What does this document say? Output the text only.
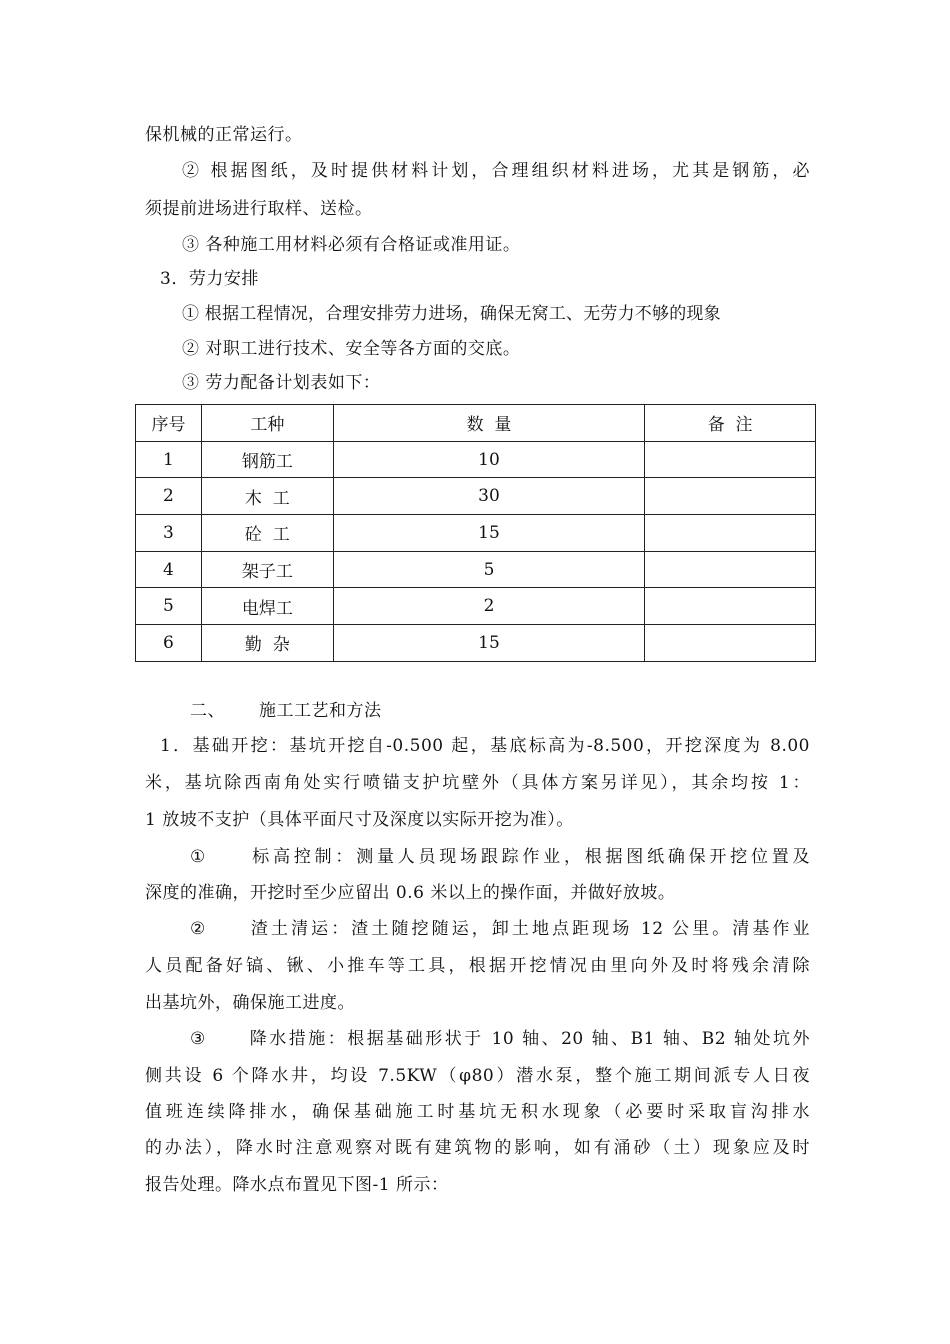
保机械的正常运行。
② 根据图纸，及时提供材料计划，合理组织材料进场，尤其是钢筋，必
须提前进场进行取样、送检。
③ 各种施工用材料必须有合格证或准用证。
3．劳力安排
① 根据工程情况，合理安排劳力进场，确保无窝工、无劳力不够的现象
② 对职工进行技术、安全等各方面的交底。
③ 劳力配备计划表如下：
序号	工种	数  量	备  注
1	钢筋工	10	
2	木  工	30	
3	砼  工	15	
4	架子工	5	
5	电焊工	2	
6	勤  杂	15	
二、 施工工艺和方法
1．基础开挖：基坑开挖自-0.500 起，基底标高为-8.500，开挖深度为 8.00
米，基坑除西南角处实行喷锚支护坑壁外（具体方案另详见），其余均按 1：
1 放坡不支护（具体平面尺寸及深度以实际开挖为准）。
① 标高控制：测量人员现场跟踪作业，根据图纸确保开挖位置及
深度的准确，开挖时至少应留出 0.6 米以上的操作面，并做好放坡。
② 渣土清运：渣土随挖随运，卸土地点距现场 12 公里。清基作业
人员配备好镐、锹、小推车等工具，根据开挖情况由里向外及时将残余清除
出基坑外，确保施工进度。
③ 降水措施：根据基础形状于 10 轴、20 轴、B1 轴、B2 轴处坑外
侧共设 6 个降水井，均设 7.5KW（φ80）潜水泵，整个施工期间派专人日夜
值班连续降排水，确保基础施工时基坑无积水现象（必要时采取盲沟排水
的办法），降水时注意观察对既有建筑物的影响，如有涌砂（土）现象应及时
报告处理。降水点布置见下图-1 所示：
